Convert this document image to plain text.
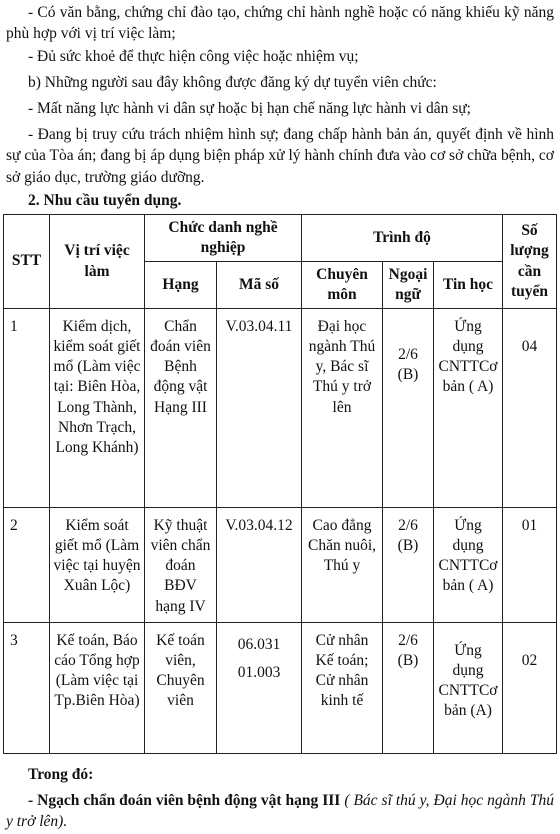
- Có văn bằng, chứng chỉ đào tạo, chứng chỉ hành nghề hoặc có năng khiếu kỹ năng phù hợp với vị trí việc làm;

- Đủ sức khoẻ để thực hiện công việc hoặc nhiệm vụ;

b) Những người sau đây không được đăng ký dự tuyển viên chức:

- Mất năng lực hành vi dân sự hoặc bị hạn chế năng lực hành vi dân sự;

- Đang bị truy cứu trách nhiệm hình sự; đang chấp hành bản án, quyết định về hình sự của Tòa án; đang bị áp dụng biện pháp xử lý hành chính đưa vào cơ sở chữa bệnh, cơ sở giáo dục, trường giáo dưỡng.

2. Nhu cầu tuyển dụng.

STT	Vị trí việc làm	Chức danh nghề nghiệp		Trình độ			Số lượng cần tuyển
		Hạng	Mã số	Chuyên môn	Ngoại ngữ	Tin học	
1	Kiểm dịch, kiểm soát giết mổ (Làm việc tại: Biên Hòa, Long Thành, Nhơn Trạch, Long Khánh)	Chẩn đoán viên Bệnh động vật Hạng III	V.03.04.11	Đại học ngành Thú y, Bác sĩ Thú y trở lên	2/6 (B)	Ứng dụng CNTTCơ bản ( A)	04
2	Kiểm soát giết mổ (Làm việc tại huyện Xuân Lộc)	Kỹ thuật viên chẩn đoán BĐV hạng IV	V.03.04.12	Cao đẳng Chăn nuôi, Thú y	2/6 (B)	Ứng dụng CNTTCơ bản ( A)	01
3	Kế toán, Báo cáo Tổng hợp (Làm việc tại Tp.Biên Hòa)	Kế toán viên, Chuyên viên	06.031 01.003	Cử nhân Kế toán; Cử nhân kinh tế	2/6 (B)	Ứng dụng CNTTCơ bản (A)	02

Trong đó:

- Ngạch chẩn đoán viên bệnh động vật hạng III ( Bác sĩ thú y, Đại học ngành Thú y trở lên).
